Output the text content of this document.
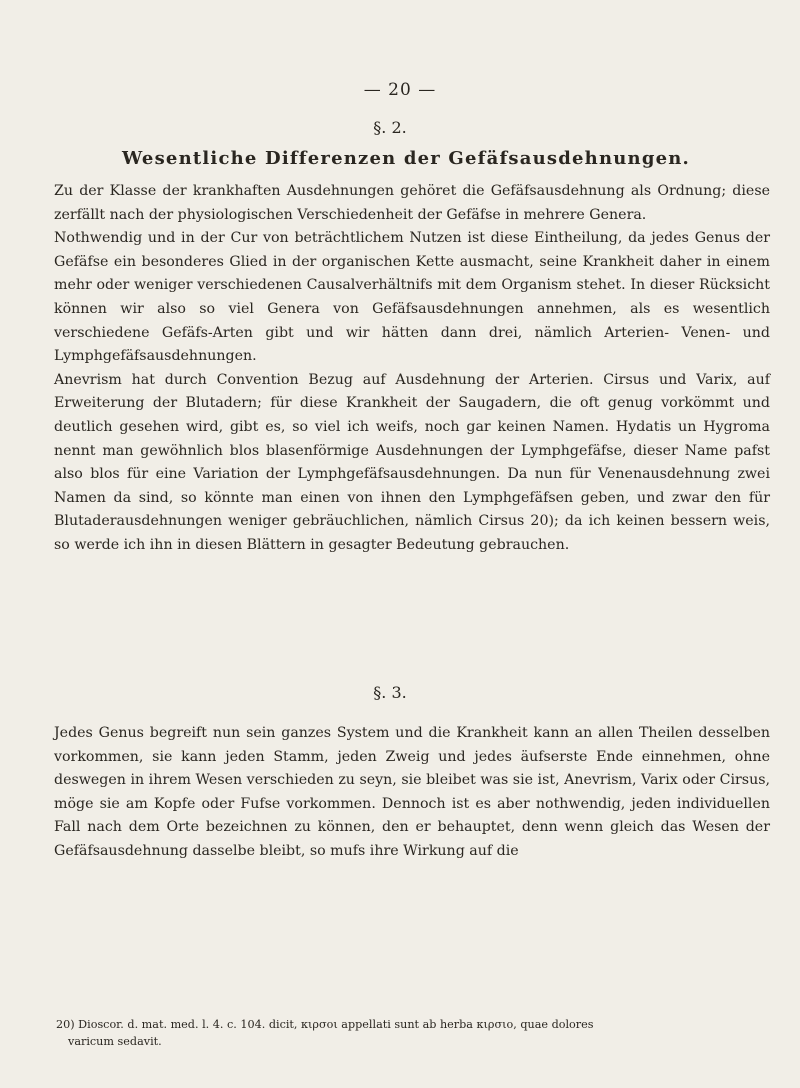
— 20 —
§. 2.
Wesentliche Differenzen der Gefäfsausdehnungen.

Zu der Klasse der krankhaften Ausdehnungen gehöret die Gefäfsausdehnung als Ordnung; diese zerfällt nach der physiologischen Verschiedenheit der Gefäfse in mehrere Genera.

Nothwendig und in der Cur von beträchtlichem Nutzen ist diese Eintheilung, da jedes Genus der Gefäfse ein besonderes Glied in der organischen Kette ausmacht, seine Krankheit daher in einem mehr oder weniger verschiedenen Causalverhältnifs mit dem Organism stehet. In dieser Rücksicht können wir also so viel Genera von Gefäfsausdehnungen annehmen, als es wesentlich verschiedene Gefäfs-Arten gibt und wir hätten dann drei, nämlich Arterien- Venen- und Lymphgefäfsausdehnungen.

Anevrism hat durch Convention Bezug auf Ausdehnung der Arterien. Cirsus und Varix, auf Erweiterung der Blutadern; für diese Krankheit der Saugadern, die oft genug vorkömmt und deutlich gesehen wird, gibt es, so viel ich weifs, noch gar keinen Namen. Hydatis un Hygroma nennt man gewöhnlich blos blasenförmige Ausdehnungen der Lymphgefäfse, dieser Name pafst also blos für eine Variation der Lymphgefäfsausdehnungen. Da nun für Venenausdehnung zwei Namen da sind, so könnte man einen von ihnen den Lymphgefäfsen geben, und zwar den für Blutaderausdehnungen weniger gebräuchlichen, nämlich Cirsus 20); da ich keinen bessern weis, so werde ich ihn in diesen Blättern in gesagter Bedeutung gebrauchen.

§. 3.

Jedes Genus begreift nun sein ganzes System und die Krankheit kann an allen Theilen desselben vorkommen, sie kann jeden Stamm, jeden Zweig und jedes äufserste Ende einnehmen, ohne deswegen in ihrem Wesen verschieden zu seyn, sie bleibet was sie ist, Anevrism, Varix oder Cirsus, möge sie am Kopfe oder Fufse vorkommen. Dennoch ist es aber nothwendig, jeden individuellen Fall nach dem Orte bezeichnen zu können, den er behauptet, denn wenn gleich das Wesen der Gefäfsausdehnung dasselbe bleibt, so mufs ihre Wirkung auf die

20) Dioscor. d. mat. med. l. 4. c. 104. dicit, κιρσοι appellati sunt ab herba κιρσιο, quae dolores
varicum sedavit.
